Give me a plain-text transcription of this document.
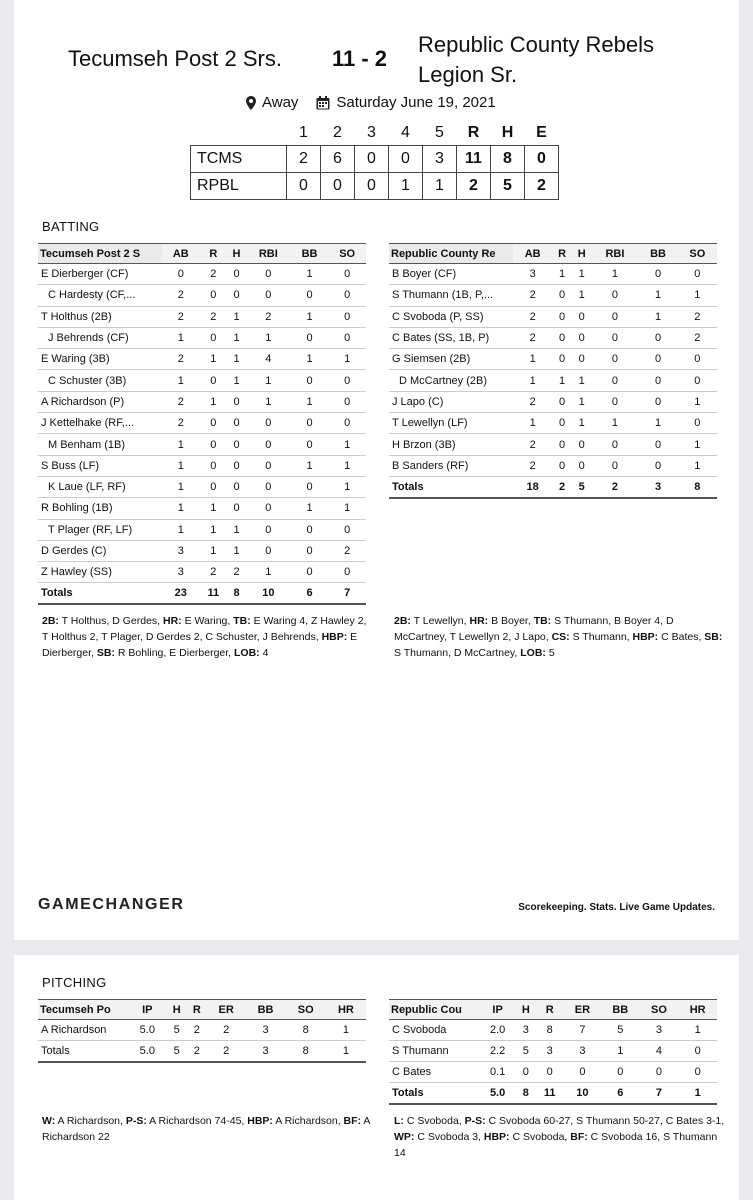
Tecumseh Post 2 Srs. 11 - 2
Republic County Rebels Legion Sr.
Away	Saturday June 19, 2021
	1	2	3	4	5	R	H	E
TCMS	2	6	0	0	3	11	8	0
RPBL	0	0	0	1	1	2	5	2
BATTING
Tecumseh Post 2 S	AB	R	H	RBI	BB	SO
E Dierberger (CF)	0	2	0	0	1	0
C Hardesty (CF,...	2	0	0	0	0	0
T Holthus (2B)	2	2	1	2	1	0
J Behrends (CF)	1	0	1	1	0	0
E Waring (3B)	2	1	1	4	1	1
C Schuster (3B)	1	0	1	1	0	0
A Richardson (P)	2	1	0	1	1	0
J Kettelhake (RF,...	2	0	0	0	0	0
M Benham (1B)	1	0	0	0	0	1
S Buss (LF)	1	0	0	0	1	1
K Laue (LF, RF)	1	0	0	0	0	1
R Bohling (1B)	1	1	0	0	1	1
T Plager (RF, LF)	1	1	1	0	0	0
D Gerdes (C)	3	1	1	0	0	2
Z Hawley (SS)	3	2	2	1	0	0
Totals	23	11	8	10	6	7
Republic County Re	AB	R	H	RBI	BB	SO
B Boyer (CF)	3	1	1	1	0	0
S Thumann (1B, P,...	2	0	1	0	1	1
C Svoboda (P, SS)	2	0	0	0	1	2
C Bates (SS, 1B, P)	2	0	0	0	0	2
G Siemsen (2B)	1	0	0	0	0	0
D McCartney (2B)	1	1	1	0	0	0
J Lapo (C)	2	0	1	0	0	1
T Lewellyn (LF)	1	0	1	1	1	0
H Brzon (3B)	2	0	0	0	0	1
B Sanders (RF)	2	0	0	0	0	1
Totals	18	2	5	2	3	8
2B: T Holthus, D Gerdes, HR: E Waring, TB: E Waring 4, Z Hawley 2, T Holthus 2, T Plager, D Gerdes 2, C Schuster, J Behrends, HBP: E Dierberger, SB: R Bohling, E Dierberger, LOB: 4
2B: T Lewellyn, HR: B Boyer, TB: S Thumann, B Boyer 4, D McCartney, T Lewellyn 2, J Lapo, CS: S Thumann, HBP: C Bates, SB: S Thumann, D McCartney, LOB: 5
GAMECHANGER	Scorekeeping. Stats. Live Game Updates.
PITCHING
Tecumseh Po	IP	H	R	ER	BB	SO	HR
A Richardson	5.0	5	2	2	3	8	1
Totals	5.0	5	2	2	3	8	1
Republic Cou	IP	H	R	ER	BB	SO	HR
C Svoboda	2.0	3	8	7	5	3	1
S Thumann	2.2	5	3	3	1	4	0
C Bates	0.1	0	0	0	0	0	0
Totals	5.0	8	11	10	6	7	1
W: A Richardson, P-S: A Richardson 74-45, HBP: A Richardson, BF: A Richardson 22
L: C Svoboda, P-S: C Svoboda 60-27, S Thumann 50-27, C Bates 3-1, WP: C Svoboda 3, HBP: C Svoboda, BF: C Svoboda 16, S Thumann 14
